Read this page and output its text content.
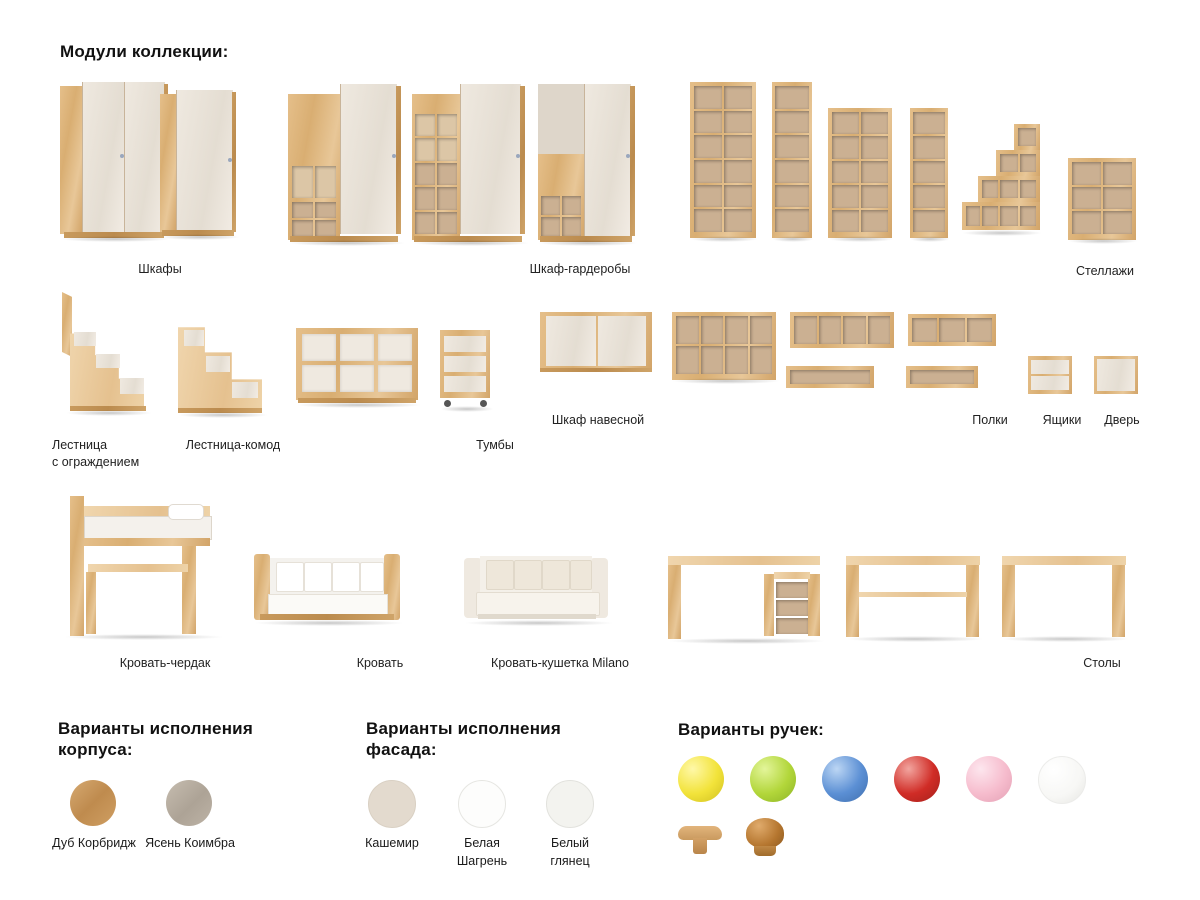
Модули коллекции:
Шкафы	Шкаф-гардеробы	Стеллажи
Лестница
с ограждением
Лестница-комод	Тумбы
Шкаф навесной	Полки	Ящики	Дверь
Кровать-чердак	Кровать	Кровать-кушетка Milano	Столы
Варианты исполнения корпуса:
Дуб Корбридж Ясень Коимбра
Варианты исполнения фасада:
Кашемир	Белая
Шагрень
Белый
глянец
Варианты ручек:
